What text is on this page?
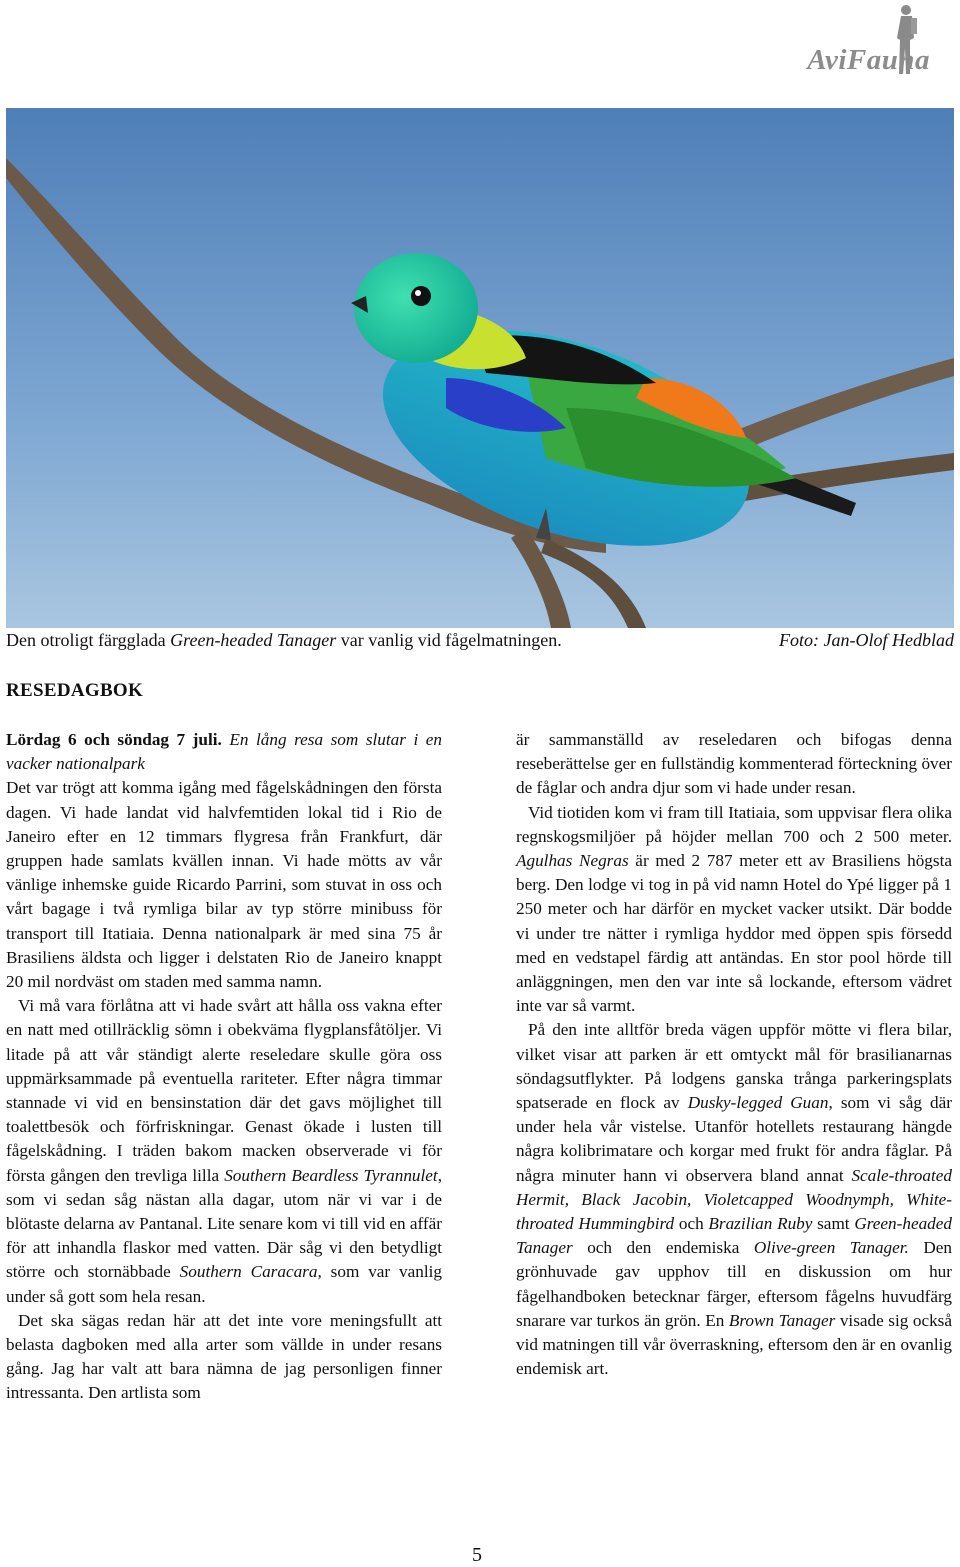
AviFauna
Den otroligt färgglada Green-headed Tanager var vanlig vid fågelmatningen.	Foto: Jan-Olof Hedblad
RESEDAGBOK

Lördag 6 och söndag 7 juli. En lång resa som slutar i en vacker nationalpark

Det var trögt att komma igång med fågelskådningen den första dagen. Vi hade landat vid halvfemtiden lokal tid i Rio de Janeiro efter en 12 timmars flygresa från Frankfurt, där gruppen hade samlats kvällen innan. Vi hade mötts av vår vänlige inhemske guide Ricardo Parrini, som stuvat in oss och vårt bagage i två rymliga bilar av typ större minibuss för transport till Itatiaia. Denna nationalpark är med sina 75 år Brasiliens äldsta och ligger i delstaten Rio de Janeiro knappt 20 mil nordväst om staden med samma namn.

Vi må vara förlåtna att vi hade svårt att hålla oss vakna efter en natt med otillräcklig sömn i obekväma flygplansfåtöljer. Vi litade på att vår ständigt alerte reseledare skulle göra oss uppmärksammade på eventuella rariteter. Efter några timmar stannade vi vid en bensinstation där det gavs möjlighet till toalettbesök och förfriskningar. Genast ökade i lusten till fågelskådning. I träden bakom macken observerade vi för första gången den trevliga lilla Southern Beardless Tyrannulet, som vi sedan såg nästan alla dagar, utom när vi var i de blötaste delarna av Pantanal. Lite senare kom vi till vid en affär för att inhandla flaskor med vatten. Där såg vi den betydligt större och stornäbbade Southern Caracara, som var vanlig under så gott som hela resan.

Det ska sägas redan här att det inte vore meningsfullt att belasta dagboken med alla arter som vällde in under resans gång. Jag har valt att bara nämna de jag personligen finner intressanta. Den artlista som

är sammanställd av reseledaren och bifogas denna reseberättelse ger en fullständig kommenterad förteckning över de fåglar och andra djur som vi hade under resan.

Vid tiotiden kom vi fram till Itatiaia, som uppvisar flera olika regnskogsmiljöer på höjder mellan 700 och 2 500 meter. Agulhas Negras är med 2 787 meter ett av Brasiliens högsta berg. Den lodge vi tog in på vid namn Hotel do Ypé ligger på 1 250 meter och har därför en mycket vacker utsikt. Där bodde vi under tre nätter i rymliga hyddor med öppen spis försedd med en vedstapel färdig att antändas. En stor pool hörde till anläggningen, men den var inte så lockande, eftersom vädret inte var så varmt.

På den inte alltför breda vägen uppför mötte vi flera bilar, vilket visar att parken är ett omtyckt mål för brasilianarnas söndagsutflykter. På lodgens ganska trånga parkeringsplats spatserade en flock av Dusky-legged Guan, som vi såg där under hela vår vistelse. Utanför hotellets restaurang hängde några kolibrimatare och korgar med frukt för andra fåglar. På några minuter hann vi observera bland annat Scale-throated Hermit, Black Jacobin, Violetcapped Woodnymph, White-throated Hummingbird och Brazilian Ruby samt Green-headed Tanager och den endemiska Olive-green Tanager. Den grönhuvade gav upphov till en diskussion om hur fågelhandboken betecknar färger, eftersom fågelns huvudfärg snarare var turkos än grön. En Brown Tanager visade sig också vid matningen till vår överraskning, eftersom den är en ovanlig endemisk art.

5
